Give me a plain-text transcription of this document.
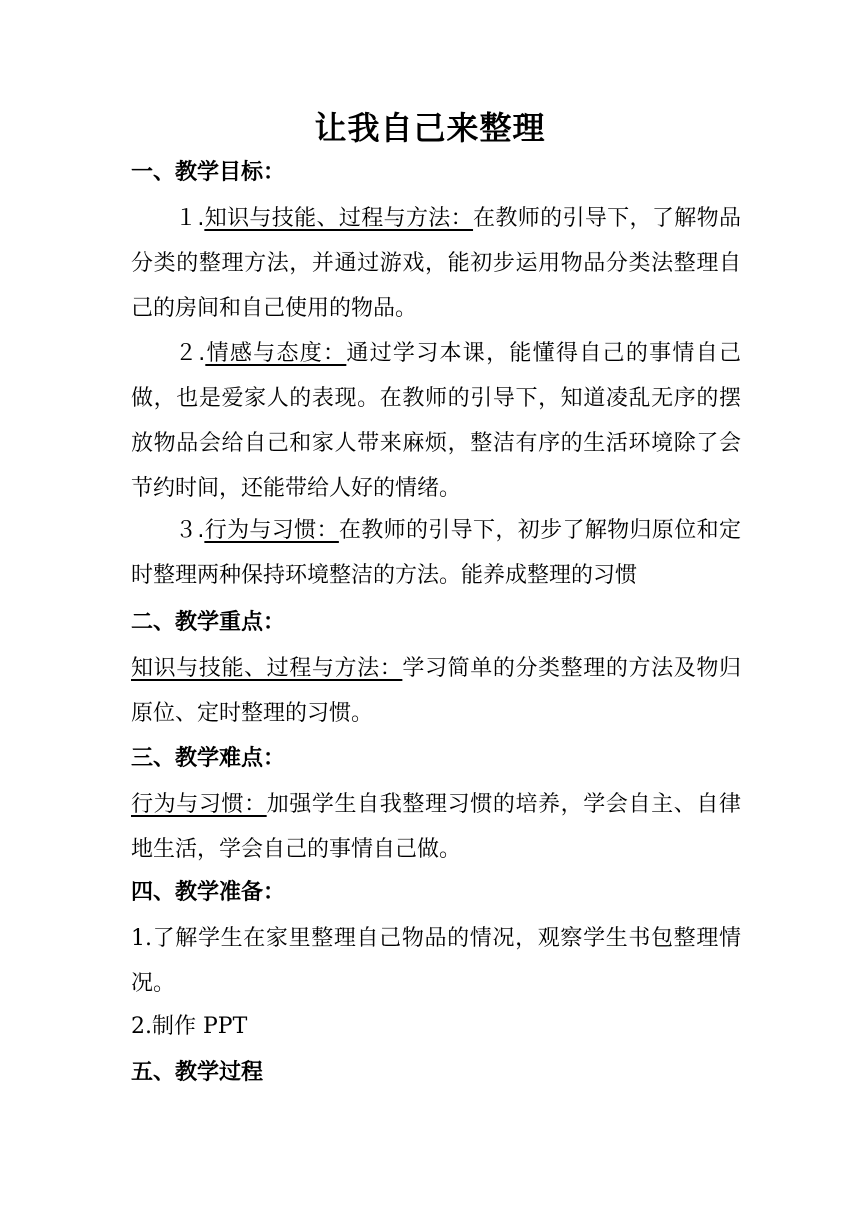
让我自己来整理
一、教学目标：
１.知识与技能、过程与方法：在教师的引导下，了解物品分类的整理方法，并通过游戏，能初步运用物品分类法整理自己的房间和自己使用的物品。
２.情感与态度：通过学习本课，能懂得自己的事情自己做，也是爱家人的表现。在教师的引导下，知道凌乱无序的摆放物品会给自己和家人带来麻烦，整洁有序的生活环境除了会节约时间，还能带给人好的情绪。
３.行为与习惯：在教师的引导下，初步了解物归原位和定时整理两种保持环境整洁的方法。能养成整理的习惯
二、教学重点：
知识与技能、过程与方法：学习简单的分类整理的方法及物归原位、定时整理的习惯。
三、教学难点：
行为与习惯：加强学生自我整理习惯的培养，学会自主、自律地生活，学会自己的事情自己做。
四、教学准备：
1.了解学生在家里整理自己物品的情况，观察学生书包整理情况。
2.制作 PPT
五、教学过程
